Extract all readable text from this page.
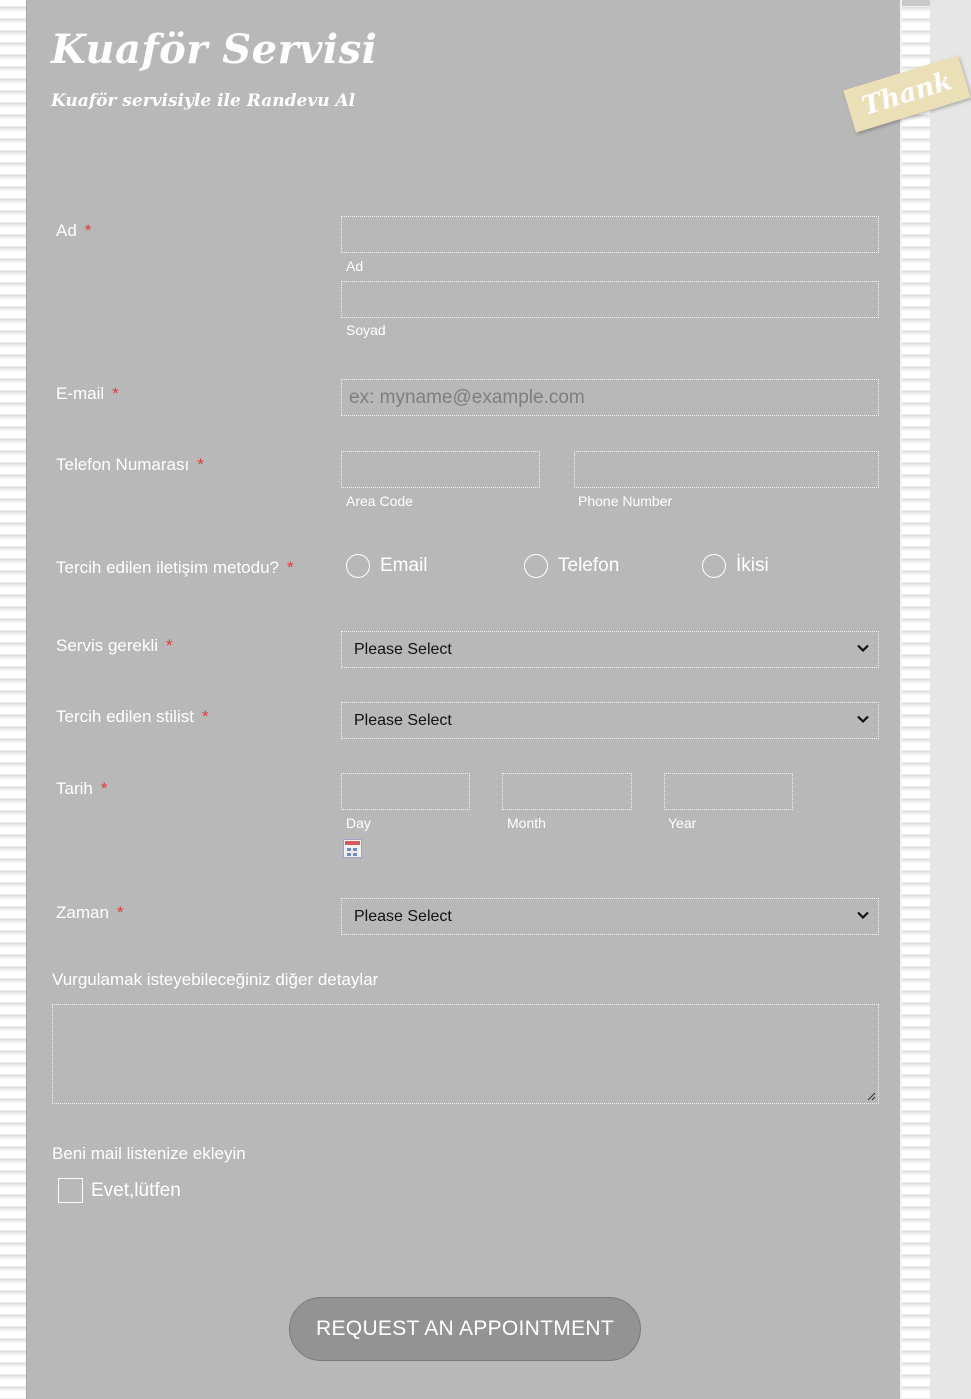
Kuaför Servisi

Kuaför servisiyle ile Randevu Al	Thank

Ad *

Ad

Soyad

E-mail *	ex: myname@example.com

Telefon Numarası *

Area Code	Phone Number

Tercih edilen iletişim metodu? *	Email	Telefon	İkisi

Servis gerekli *	Please Select

Tercih edilen stilist *	Please Select

Tarih *

Day	Month	Year

Zaman *	Please Select

Vurgulamak isteyebileceğiniz diğer detaylar

Beni mail listenize ekleyin

Evet,lütfen

REQUEST AN APPOINTMENT
